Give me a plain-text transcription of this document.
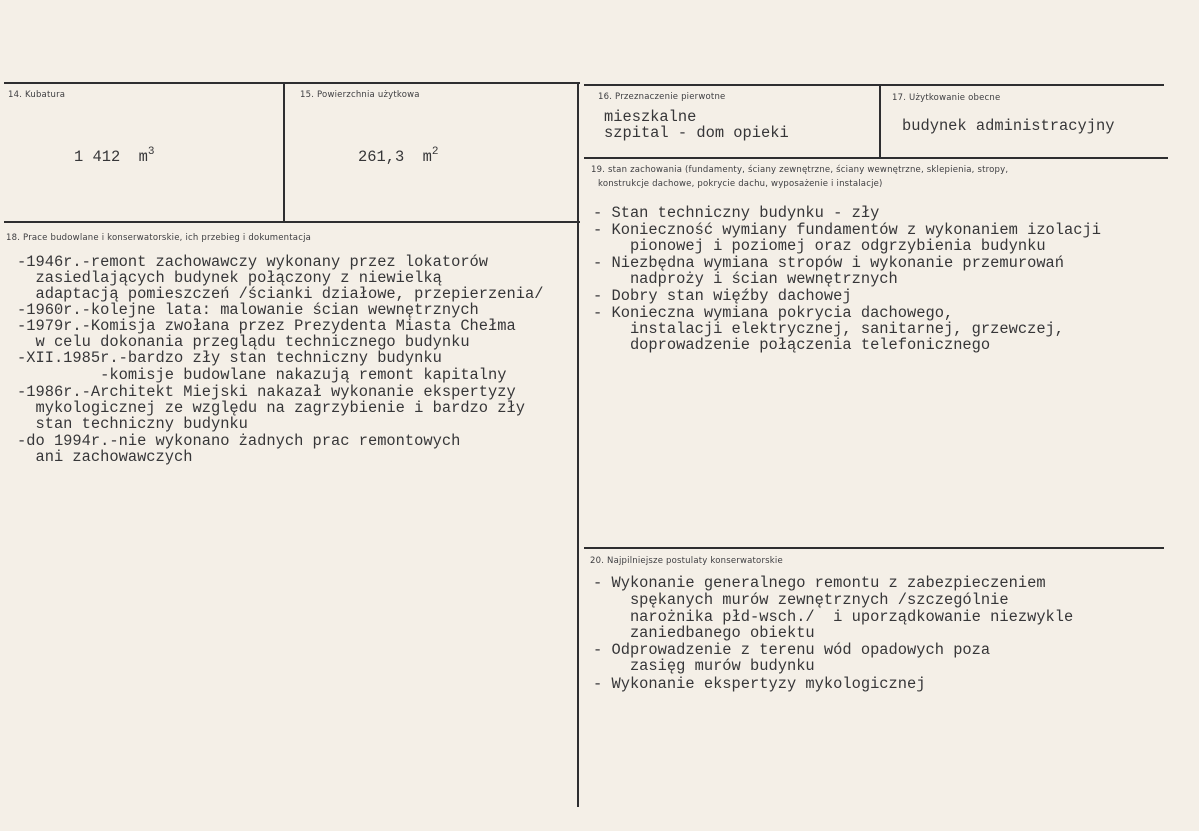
14. Kubatura
1 412  $m^3$
15. Powierzchnia użytkowa
261,3  $m^2$
16. Przeznaczenie pierwotne
mieszkalne
szpital - dom opieki
17. Użytkowanie obecne
budynek administracyjny
18. Prace budowlane i konserwatorskie, ich przebieg i dokumentacja
-1946r.-remont zachowawczy wykonany przez lokatorów
zasiedlających budynek połączony z niewielką
adaptacją pomieszczeń /ścianki działowe, przepierzenia/
-1960r.-kolejne lata: malowanie ścian wewnętrznych
-1979r.-Komisja zwołana przez Prezydenta Miasta Chełma
w celu dokonania przeglądu technicznego budynku
-XII.1985r.-bardzo zły stan techniczny budynku
-komisje budowlane nakazują remont kapitalny
-1986r.-Architekt Miejski nakazał wykonanie ekspertyzy
mykologicznej ze względu na zagrzybienie i bardzo zły
stan techniczny budynku
-do 1994r.-nie wykonano żadnych prac remontowych
ani zachowawczych
19. stan zachowania (fundamenty, ściany zewnętrzne, ściany wewnętrzne, sklepienia, stropy,
konstrukcje dachowe, pokrycie dachu, wyposażenie i instalacje)
- Stan techniczny budynku - zły
- Konieczność wymiany fundamentów z wykonaniem izolacji
pionowej i poziomej oraz odgrzybienia budynku
- Niezbędna wymiana stropów i wykonanie przemurowań
nadproży i ścian wewnętrznych
- Dobry stan więźby dachowej
- Konieczna wymiana pokrycia dachowego,
instalacji elektrycznej, sanitarnej, grzewczej,
doprowadzenie połączenia telefonicznego
20. Najpilniejsze postulaty konserwatorskie
- Wykonanie generalnego remontu z zabezpieczeniem
spękanych murów zewnętrznych /szczególnie
narożnika płd-wsch./  i uporządkowanie niezwykle
zaniedbanego obiektu
- Odprowadzenie z terenu wód opadowych poza
zasięg murów budynku
- Wykonanie ekspertyzy mykologicznej
